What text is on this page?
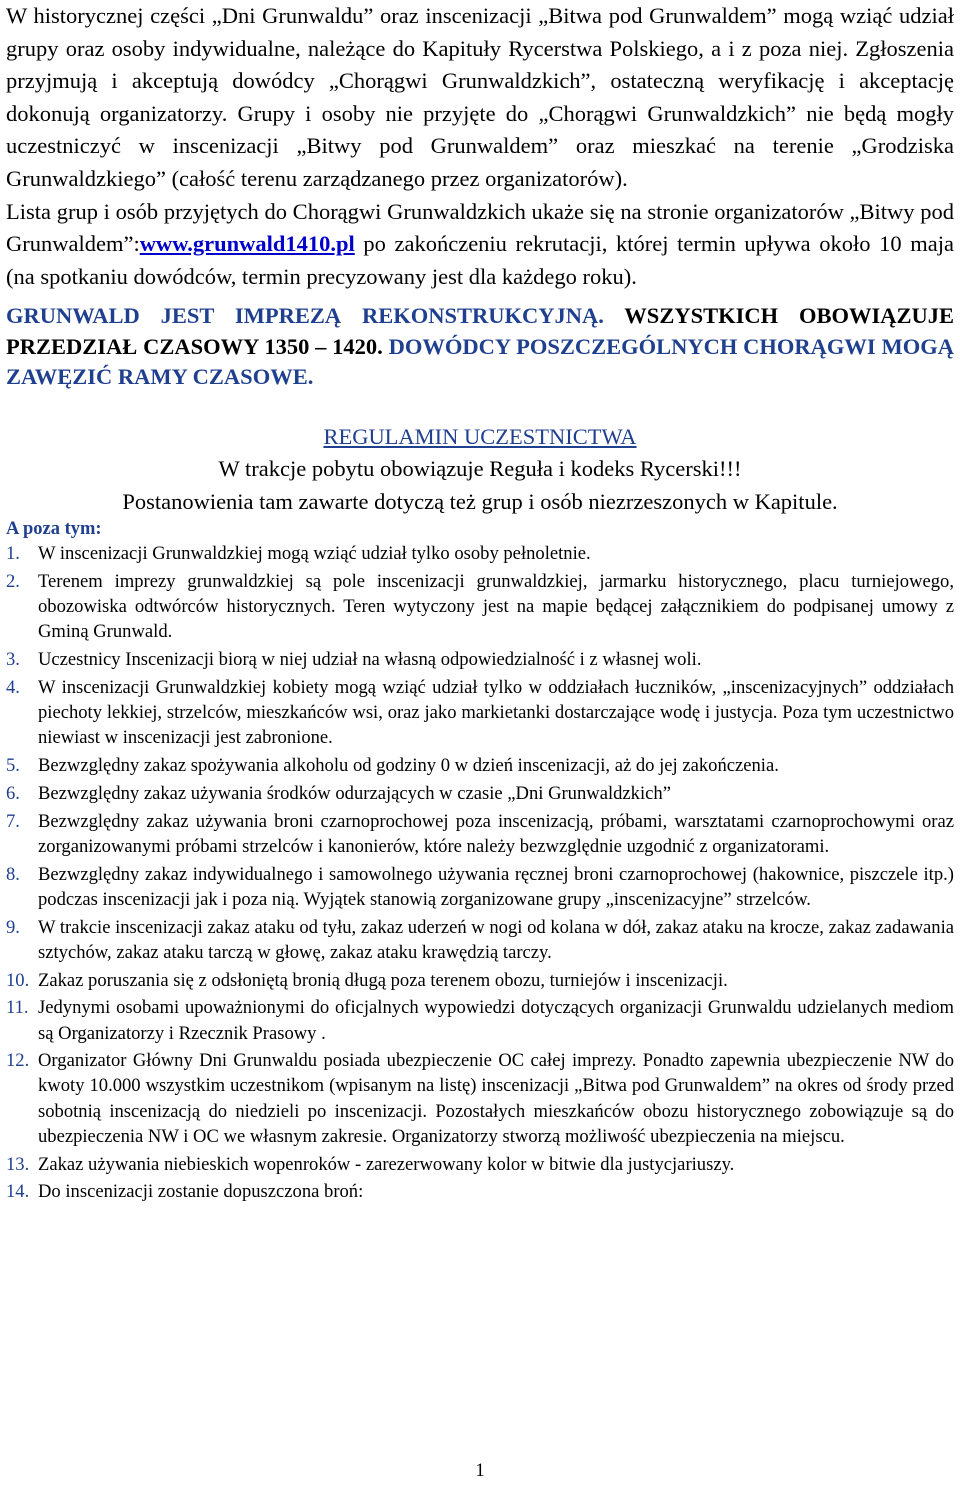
W historycznej części „Dni Grunwaldu” oraz inscenizacji „Bitwa pod Grunwaldem” mogą wziąć udział grupy oraz osoby indywidualne, należące do Kapituły Rycerstwa Polskiego, a i z poza niej. Zgłoszenia przyjmują i akceptują dowódcy „Chorągwi Grunwaldzkich”, ostateczną weryfikację i akceptację dokonują organizatorzy. Grupy i osoby nie przyjęte do „Chorągwi Grunwaldzkich” nie będą mogły uczestniczyć w inscenizacji „Bitwy pod Grunwaldem” oraz mieszkać na terenie „Grodziska Grunwaldzkiego” (całość terenu zarządzanego przez organizatorów).

Lista grup i osób przyjętych do Chorągwi Grunwaldzkich ukaże się na stronie organizatorów „Bitwy pod Grunwaldem”:www.grunwald1410.pl po zakończeniu rekrutacji, której termin upływa około 10 maja (na spotkaniu dowódców, termin precyzowany jest dla każdego roku).

GRUNWALD JEST IMPREZĄ REKONSTRUKCYJNĄ. WSZYSTKICH OBOWIĄZUJE PRZEDZIAŁ CZASOWY 1350 – 1420. DOWÓDCY POSZCZEGÓLNYCH CHORĄGWI MOGĄ ZAWĘZIĆ RAMY CZASOWE.

REGULAMIN UCZESTNICTWA

W trakcje pobytu obowiązuje Reguła i kodeks Rycerski!!!

Postanowienia tam zawarte dotyczą też grup i osób niezrzeszonych w Kapitule.

A poza tym:

1. W inscenizacji Grunwaldzkiej mogą wziąć udział tylko osoby pełnoletnie.
2. Terenem imprezy grunwaldzkiej są pole inscenizacji grunwaldzkiej, jarmarku historycznego, placu turniejowego, obozowiska odtwórców historycznych. Teren wytyczony jest na mapie będącej załącznikiem do podpisanej umowy z Gminą Grunwald.
3. Uczestnicy Inscenizacji biorą w niej udział na własną odpowiedzialność i z własnej woli.
4. W inscenizacji Grunwaldzkiej kobiety mogą wziąć udział tylko w oddziałach łuczników, „inscenizacyjnych” oddziałach piechoty lekkiej, strzelców, mieszkańców wsi, oraz jako markietanki dostarczające wodę i justycja. Poza tym uczestnictwo niewiast w inscenizacji jest zabronione.
5. Bezwzględny zakaz spożywania alkoholu od godziny 0 w dzień inscenizacji, aż do jej zakończenia.
6. Bezwzględny zakaz używania środków odurzających w czasie „Dni Grunwaldzkich”
7. Bezwzględny zakaz używania broni czarnoprochowej poza inscenizacją, próbami, warsztatami czarnoprochowymi oraz zorganizowanymi próbami strzelców i kanonierów, które należy bezwzględnie uzgodnić z organizatorami.
8. Bezwzględny zakaz indywidualnego i samowolnego używania ręcznej broni czarnoprochowej (hakownice, piszczele itp.) podczas inscenizacji jak i poza nią. Wyjątek stanowią zorganizowane grupy „inscenizacyjne” strzelców.
9. W trakcie inscenizacji zakaz ataku od tyłu, zakaz uderzeń w nogi od kolana w dół, zakaz ataku na krocze, zakaz zadawania sztychów, zakaz ataku tarczą w głowę, zakaz ataku krawędzią tarczy.
10. Zakaz poruszania się z odsłoniętą bronią długą poza terenem obozu, turniejów i inscenizacji.
11. Jedynymi osobami upoważnionymi do oficjalnych wypowiedzi dotyczących organizacji Grunwaldu udzielanych mediom są Organizatorzy i Rzecznik Prasowy .
12. Organizator Główny Dni Grunwaldu posiada ubezpieczenie OC całej imprezy. Ponadto zapewnia ubezpieczenie NW do kwoty 10.000 wszystkim uczestnikom (wpisanym na listę) inscenizacji „Bitwa pod Grunwaldem” na okres od środy przed sobotnią inscenizacją do niedzieli po inscenizacji. Pozostałych mieszkańców obozu historycznego zobowiązuje są do ubezpieczenia NW i OC we własnym zakresie. Organizatorzy stworzą możliwość ubezpieczenia na miejscu.
13. Zakaz używania niebieskich wopenroków - zarezerwowany kolor w bitwie dla justycjariuszy.
14. Do inscenizacji zostanie dopuszczona broń:
1
